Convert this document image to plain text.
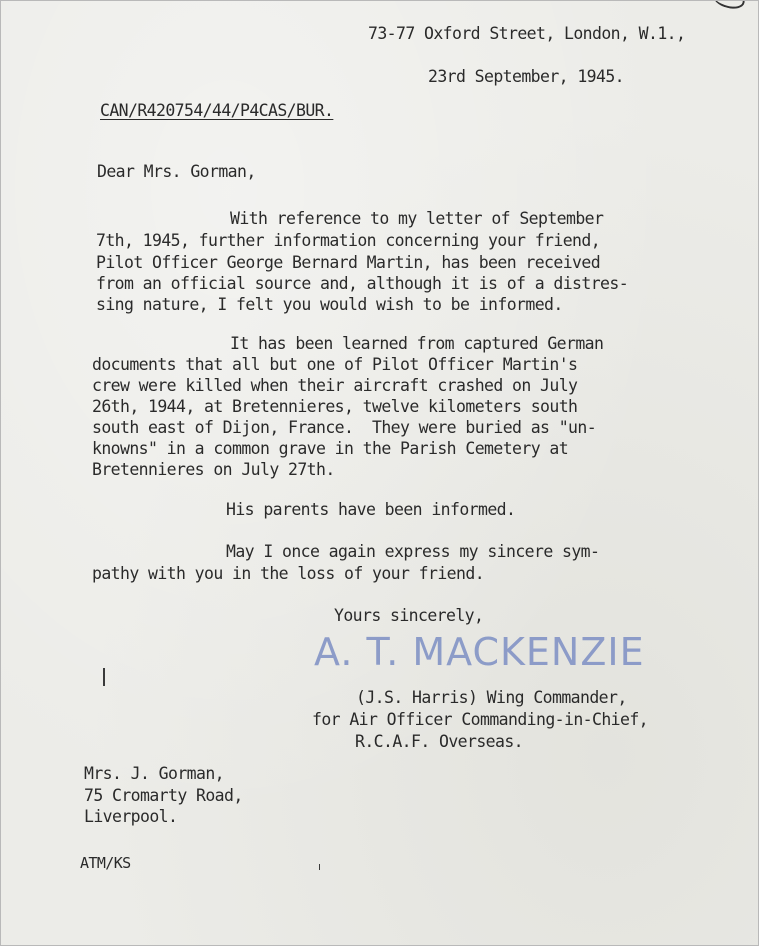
73-77 Oxford Street, London, W.1.,
23rd September, 1945.
CAN/R420754/44/P4CAS/BUR.
Dear Mrs. Gorman,
With reference to my letter of September
7th, 1945, further information concerning your friend,
Pilot Officer George Bernard Martin, has been received
from an official source and, although it is of a distres-
sing nature, I felt you would wish to be informed.
It has been learned from captured German
documents that all but one of Pilot Officer Martin's
crew were killed when their aircraft crashed on July
26th, 1944, at Bretennieres, twelve kilometers south
south east of Dijon, France.  They were buried as "un-
knowns" in a common grave in the Parish Cemetery at
Bretennieres on July 27th.
His parents have been informed.
May I once again express my sincere sym-
pathy with you in the loss of your friend.
Yours sincerely,
A. T. MACKENZIE
(J.S. Harris) Wing Commander,
for Air Officer Commanding-in-Chief,
R.C.A.F. Overseas.
Mrs. J. Gorman,
75 Cromarty Road,
Liverpool.
ATM/KS
